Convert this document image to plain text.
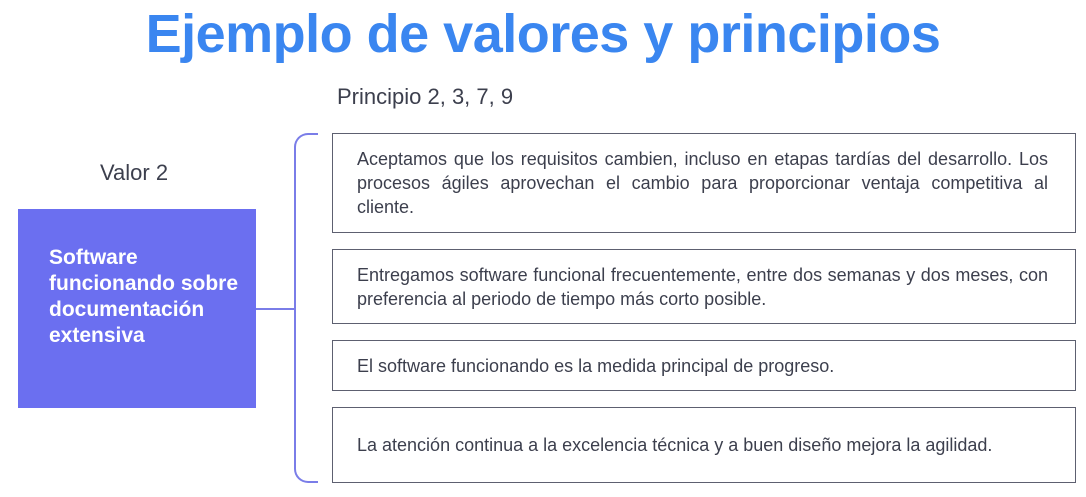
Ejemplo de valores y principios
Principio 2, 3, 7, 9
Valor 2
Software funcionando sobre documentación extensiva
Aceptamos que los requisitos cambien, incluso en etapas tardías del desarrollo. Los procesos ágiles aprovechan el cambio para proporcionar ventaja competitiva al cliente.
Entregamos software funcional frecuentemente, entre dos semanas y dos meses, con preferencia al periodo de tiempo más corto posible.
El software funcionando es la medida principal de progreso.
La atención continua a la excelencia técnica y a buen diseño mejora la agilidad.
